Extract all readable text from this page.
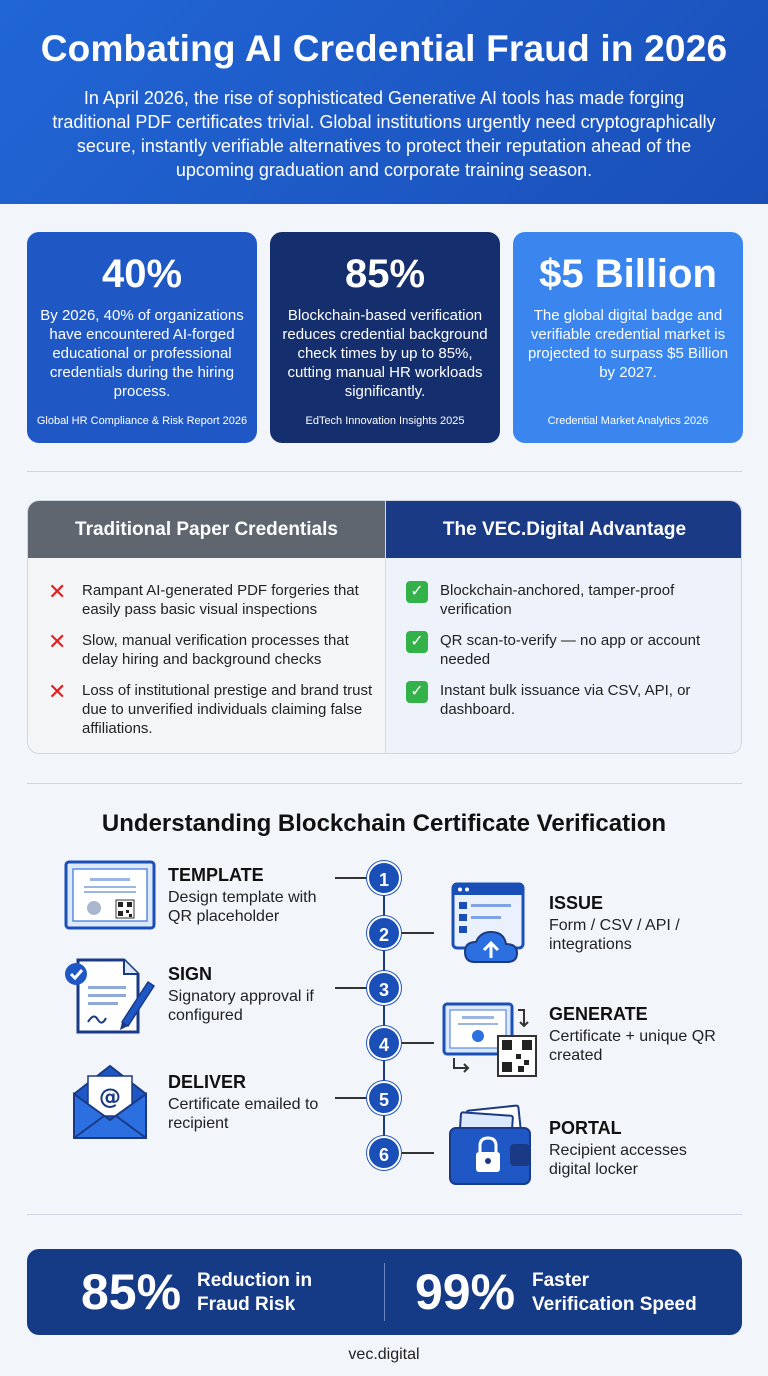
Combating AI Credential Fraud in 2026

In April 2026, the rise of sophisticated Generative AI tools has made forging traditional PDF certificates trivial. Global institutions urgently need cryptographically secure, instantly verifiable alternatives to protect their reputation ahead of the upcoming graduation and corporate training season.

40%
By 2026, 40% of organizations have encountered AI-forged educational or professional credentials during the hiring process.
Global HR Compliance & Risk Report 2026
85%
Blockchain-based verification reduces credential background check times by up to 85%, cutting manual HR workloads significantly.
EdTech Innovation Insights 2025
$5 Billion
The global digital badge and verifiable credential market is projected to surpass $5 Billion by 2027.
Credential Market Analytics 2026
Traditional Paper Credentials
✕	Rampant AI-generated PDF forgeries that easily pass basic visual inspections
✕	Slow, manual verification processes that delay hiring and background checks
✕	Loss of institutional prestige and brand trust due to unverified individuals claiming false affiliations.
The VEC.Digital Advantage
✓ Blockchain-anchored, tamper-proof verification
✓ QR scan-to-verify — no app or account needed
✓ Instant bulk issuance via CSV, API, or dashboard.
Understanding Blockchain Certificate Verification
1
2
3
4
5
6
TEMPLATE
Design template with QR placeholder
ISSUE
Form / CSV / API / integrations
SIGN
Signatory approval if configured	GENERATE
Certificate + unique QR created
@
DELIVER
Certificate emailed to recipient	PORTAL
Recipient accesses digital locker
85% Reduction in
Fraud Risk	99% Faster
Verification Speed
vec.digital
